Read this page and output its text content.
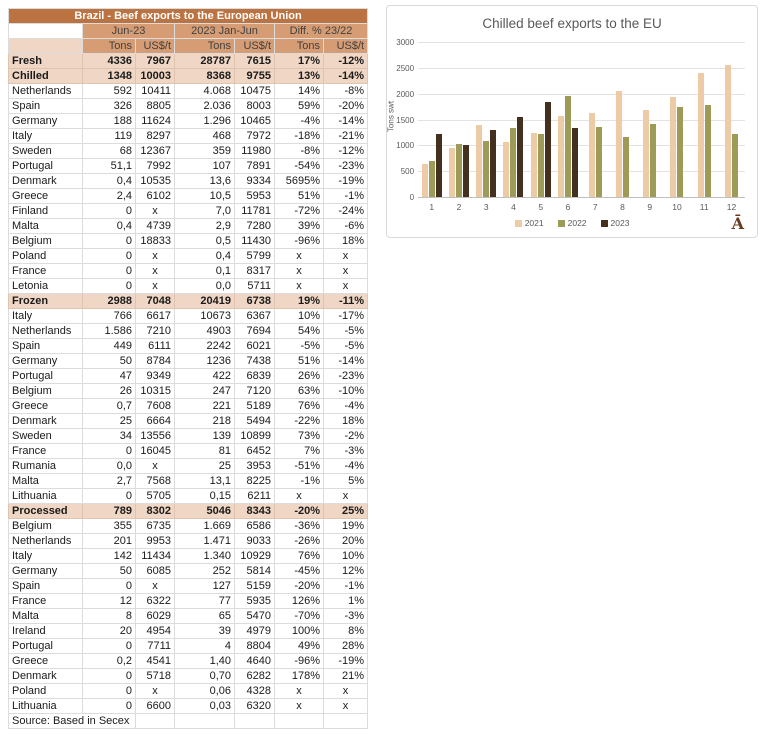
Brazil - Beef exports to the European Union						
	Jun-23		2023 Jan-Jun		Diff. % 23/22	
	Tons	US$/t	Tons	US$/t	Tons	US$/t
Fresh	4336	7967	28787	7615	17%	-12%
Chilled	1348	10003	8368	9755	13%	-14%
Netherlands	592	10411	4.068	10475	14%	-8%
Spain	326	8805	2.036	8003	59%	-20%
Germany	188	11624	1.296	10465	-4%	-14%
Italy	119	8297	468	7972	-18%	-21%
Sweden	68	12367	359	11980	-8%	-12%
Portugal	51,1	7992	107	7891	-54%	-23%
Denmark	0,4	10535	13,6	9334	5695%	-19%
Greece	2,4	6102	10,5	5953	51%	-1%
Finland	0	x	7,0	11781	-72%	-24%
Malta	0,4	4739	2,9	7280	39%	-6%
Belgium	0	18833	0,5	11430	-96%	18%
Poland	0	x	0,4	5799	x	x
France	0	x	0,1	8317	x	x
Letonia	0	x	0,0	5711	x	x
Frozen	2988	7048	20419	6738	19%	-11%
Italy	766	6617	10673	6367	10%	-17%
Netherlands	1.586	7210	4903	7694	54%	-5%
Spain	449	6111	2242	6021	-5%	-5%
Germany	50	8784	1236	7438	51%	-14%
Portugal	47	9349	422	6839	26%	-23%
Belgium	26	10315	247	7120	63%	-10%
Greece	0,7	7608	221	5189	76%	-4%
Denmark	25	6664	218	5494	-22%	18%
Sweden	34	13556	139	10899	73%	-2%
France	0	16045	81	6452	7%	-3%
Rumania	0,0	x	25	3953	-51%	-4%
Malta	2,7	7568	13,1	8225	-1%	5%
Lithuania	0	5705	0,15	6211	x	x
Processed	789	8302	5046	8343	-20%	25%
Belgium	355	6735	1.669	6586	-36%	19%
Netherlands	201	9953	1.471	9033	-26%	20%
Italy	142	11434	1.340	10929	76%	10%
Germany	50	6085	252	5814	-45%	12%
Spain	0	x	127	5159	-20%	-1%
France	12	6322	77	5935	126%	1%
Malta	8	6029	65	5470	-70%	-3%
Ireland	20	4954	39	4979	100%	8%
Portugal	0	7711	4	8804	49%	28%
Greece	0,2	4541	1,40	4640	-96%	-19%
Denmark	0	5718	0,70	6282	178%	21%
Poland	0	x	0,06	4328	x	x
Lithuania	0	6600	0,03	6320	x	x
Source: Based in Secex						
Chilled beef exports to the EU
Tons swt
0
500
1000
1500
2000
2500
3000
1	2	3	4	5	6	7	8	9	10	11	12
2021	2022	2023	Ā
